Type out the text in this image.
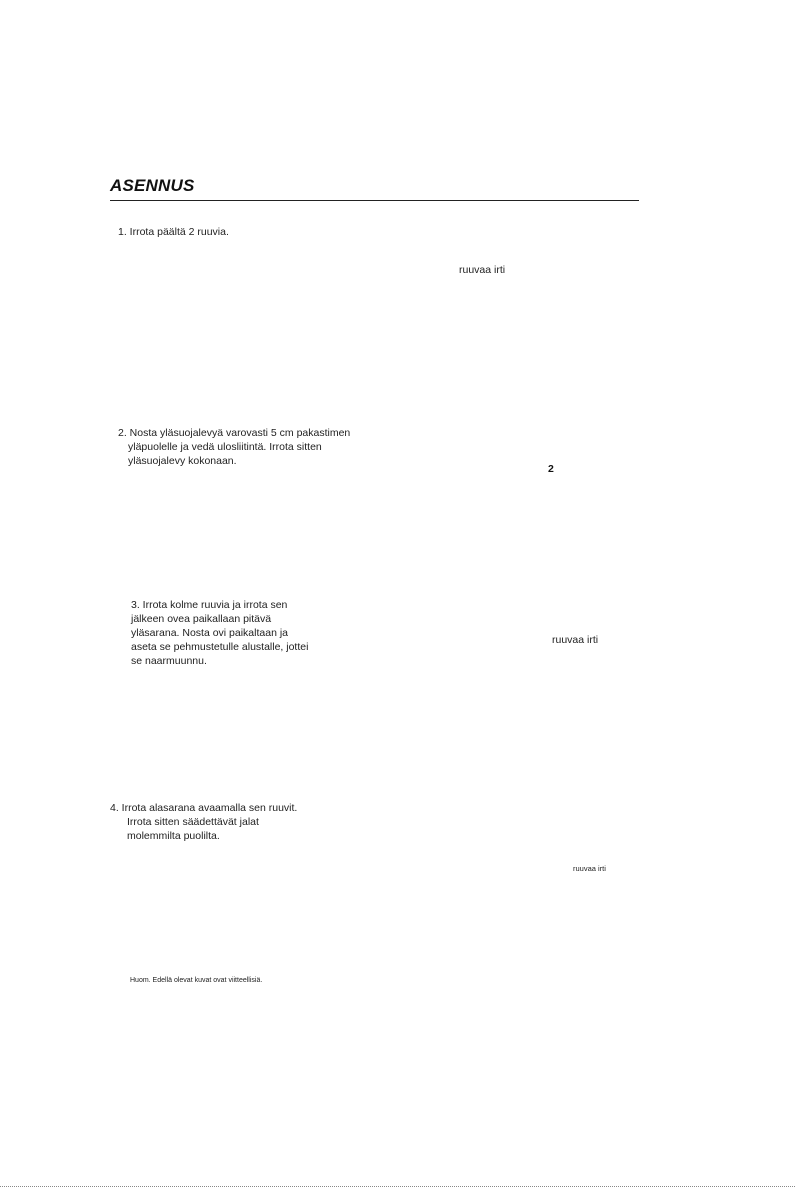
ASENNUS
1. Irrota päältä 2 ruuvia.
ruuvaa irti
2. Nosta yläsuojalevyä varovasti 5 cm pakastimen
yläpuolelle ja vedä ulosliitintä. Irrota sitten
yläsuojalevy kokonaan.
2
3. Irrota kolme ruuvia ja irrota sen
jälkeen ovea paikallaan pitävä
yläsarana. Nosta ovi paikaltaan ja
aseta se pehmustetulle alustalle, jottei
se naarmuunnu.
ruuvaa irti
4. Irrota alasarana avaamalla sen ruuvit.
Irrota sitten säädettävät jalat
molemmilta puolilta.
ruuvaa irti
Huom. Edellä olevat kuvat ovat viitteellisiä.
